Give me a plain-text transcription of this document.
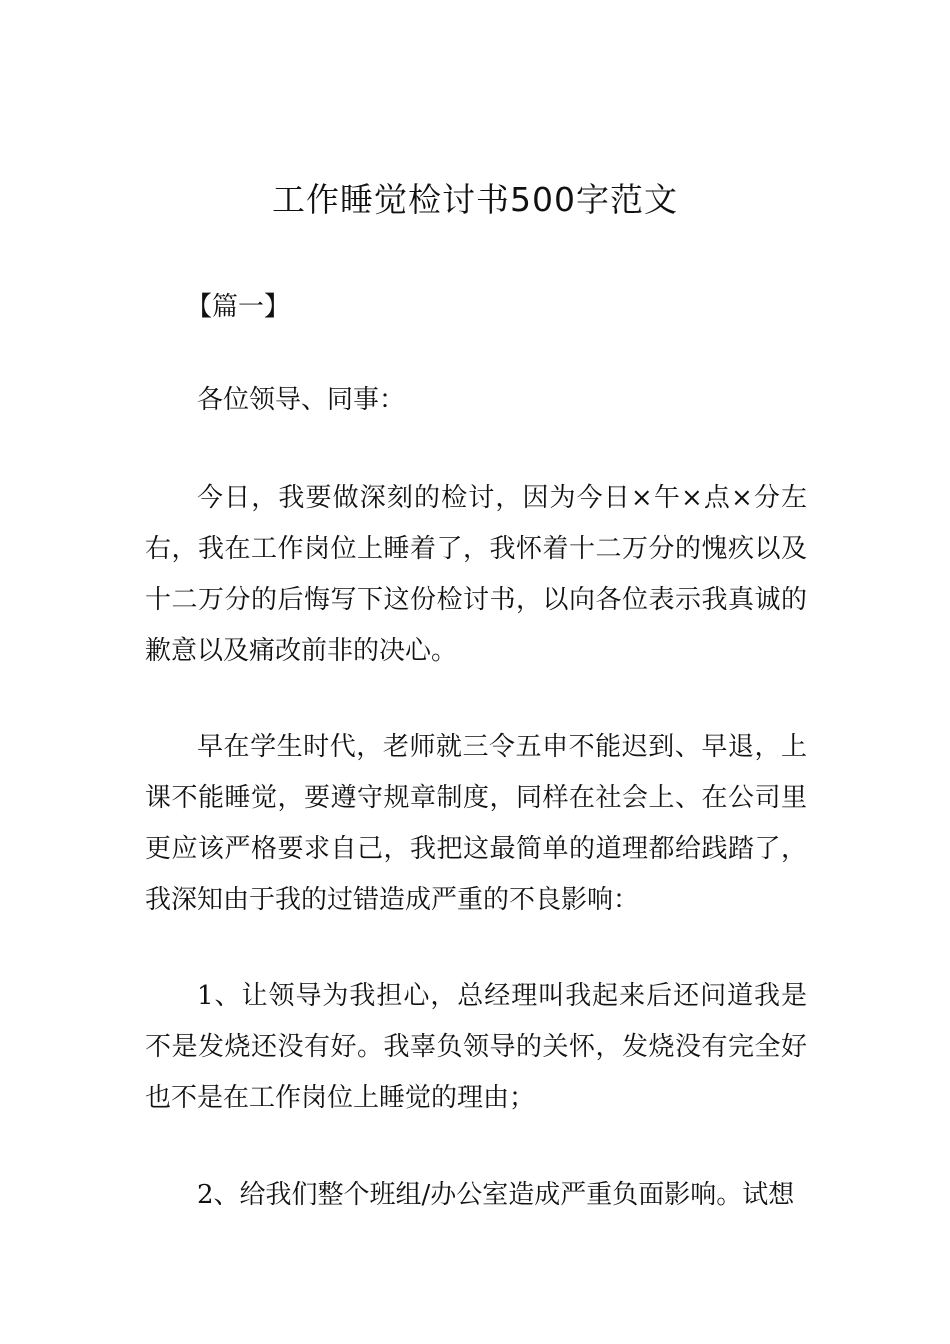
工作睡觉检讨书500字范文

【篇一】

各位领导、同事：

今日，我要做深刻的检讨，因为今日×午×点×分左右，我在工作岗位上睡着了，我怀着十二万分的愧疚以及十二万分的后悔写下这份检讨书，以向各位表示我真诚的歉意以及痛改前非的决心。

早在学生时代，老师就三令五申不能迟到、早退，上课不能睡觉，要遵守规章制度，同样在社会上、在公司里更应该严格要求自己，我把这最简单的道理都给践踏了，我深知由于我的过错造成严重的不良影响：

1、让领导为我担心，总经理叫我起来后还问道我是不是发烧还没有好。我辜负领导的关怀，发烧没有完全好也不是在工作岗位上睡觉的理由；

2、给我们整个班组/办公室造成严重负面影响。试想
